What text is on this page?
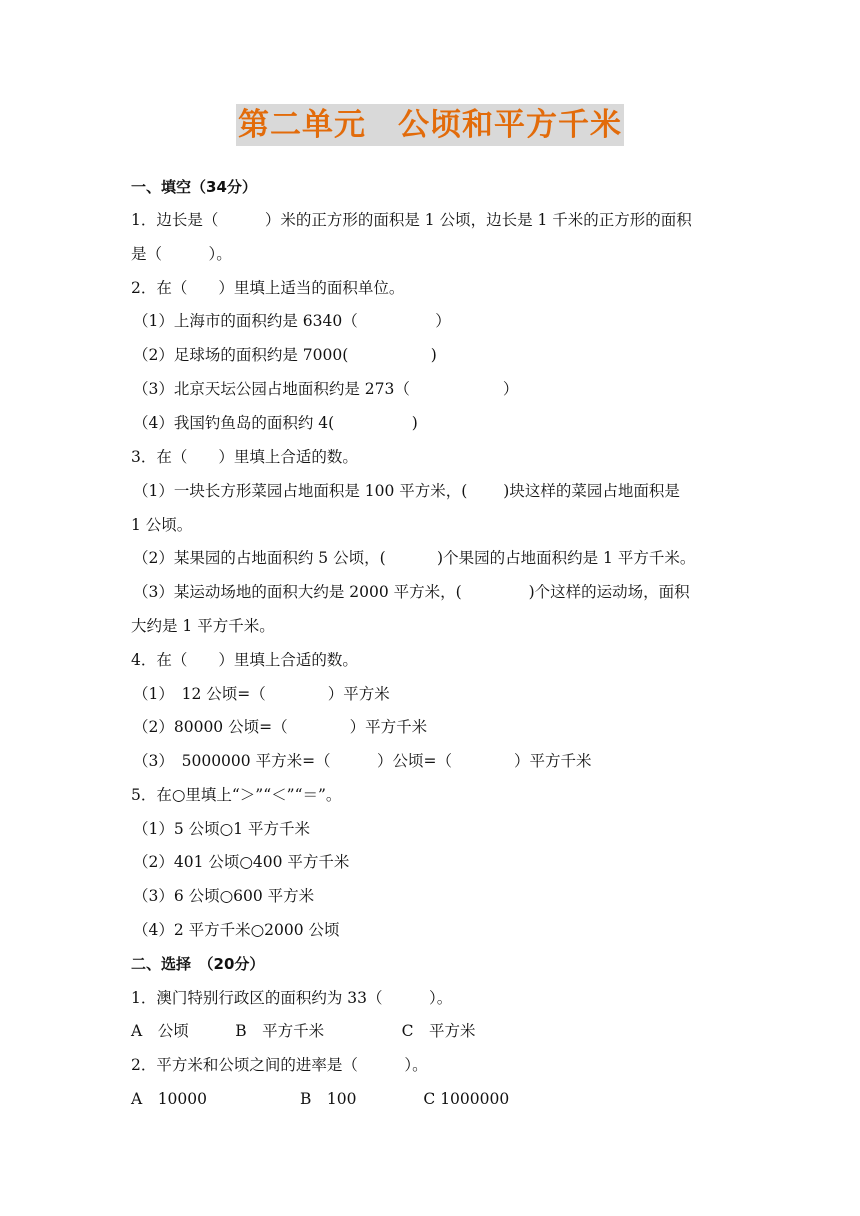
第二单元　公顷和平方千米
一、填空（34分）
1．边长是（　　　）米的正方形的面积是 1 公顷，边长是 1 千米的正方形的面积
是（　　　）。
2．在（　　）里填上适当的面积单位。
（1）上海市的面积约是 6340（　　　　　）
（2）足球场的面积约是 7000(　　　　　 )
（3）北京天坛公园占地面积约是 273（　　　　　　）
（4）我国钓鱼岛的面积约 4(　　　　　)
3．在（　　）里填上合适的数。
（1）一块长方形菜园占地面积是 100 平方米，(　　 )块这样的菜园占地面积是
1 公顷。
（2）某果园的占地面积约 5 公顷，(　　 　)个果园的占地面积约是 1 平方千米。
（3）某运动场地的面积大约是 2000 平方米，(　　　　 )个这样的运动场，面积
大约是 1 平方千米。
4．在（　　）里填上合适的数。
（1）　12 公顷=（　　　　）平方米
（2）80000 公顷=（　　　　）平方千米
（3）　5000000 平方米=（　　　）公顷=（　　　　）平方千米
5．在○里填上“＞”“＜”“＝”。
（1）5 公顷○1 平方千米
（2）401 公顷○400 平方千米
（3）6 公顷○600 平方米
（4）2 平方千米○2000 公顷
二、选择　（20分）
1．澳门特别行政区的面积约为 33（　　　）。
A　公顷　　　B　平方千米　　　　　C　平方米
2．平方米和公顷之间的进率是（　　　）。
A　10000　　　　　　B　100　　　　 C 1000000
